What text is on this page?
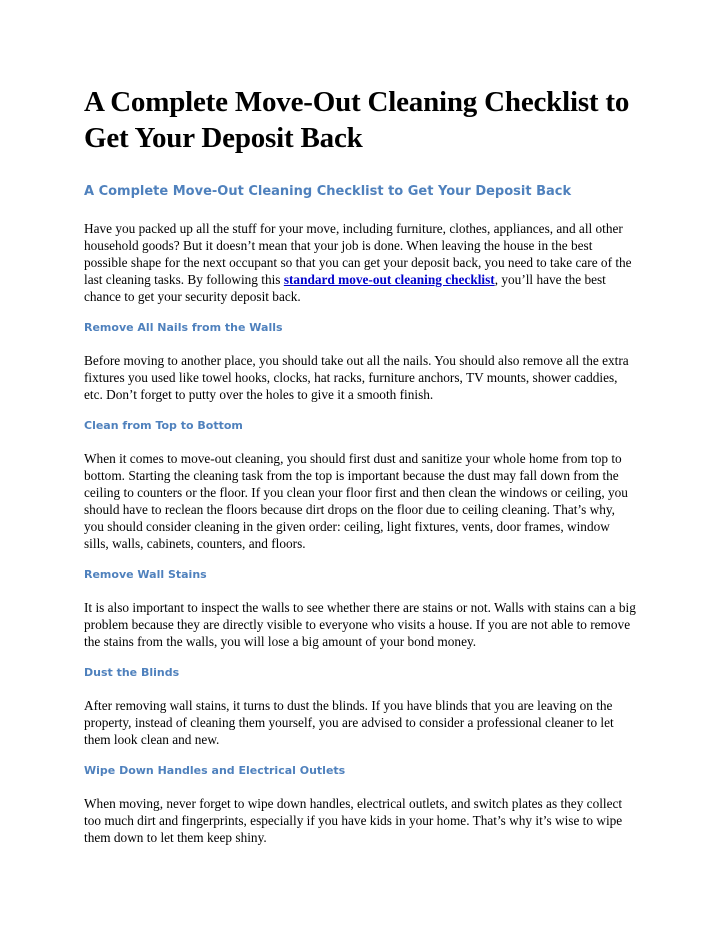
A Complete Move-Out Cleaning Checklist to Get Your Deposit Back
A Complete Move-Out Cleaning Checklist to Get Your Deposit Back

Have you packed up all the stuff for your move, including furniture, clothes, appliances, and all other household goods? But it doesn’t mean that your job is done. When leaving the house in the best possible shape for the next occupant so that you can get your deposit back, you need to take care of the last cleaning tasks. By following this standard move-out cleaning checklist, you’ll have the best chance to get your security deposit back.

Remove All Nails from the Walls

Before moving to another place, you should take out all the nails. You should also remove all the extra fixtures you used like towel hooks, clocks, hat racks, furniture anchors, TV mounts, shower caddies, etc. Don’t forget to putty over the holes to give it a smooth finish.

Clean from Top to Bottom

When it comes to move-out cleaning, you should first dust and sanitize your whole home from top to bottom. Starting the cleaning task from the top is important because the dust may fall down from the ceiling to counters or the floor. If you clean your floor first and then clean the windows or ceiling, you should have to reclean the floors because dirt drops on the floor due to ceiling cleaning. That’s why, you should consider cleaning in the given order: ceiling, light fixtures, vents, door frames, window sills, walls, cabinets, counters, and floors.

Remove Wall Stains

It is also important to inspect the walls to see whether there are stains or not. Walls with stains can a big problem because they are directly visible to everyone who visits a house. If you are not able to remove the stains from the walls, you will lose a big amount of your bond money.

Dust the Blinds

After removing wall stains, it turns to dust the blinds. If you have blinds that you are leaving on the property, instead of cleaning them yourself, you are advised to consider a professional cleaner to let them look clean and new.

Wipe Down Handles and Electrical Outlets

When moving, never forget to wipe down handles, electrical outlets, and switch plates as they collect too much dirt and fingerprints, especially if you have kids in your home. That’s why it’s wise to wipe them down to let them keep shiny.
